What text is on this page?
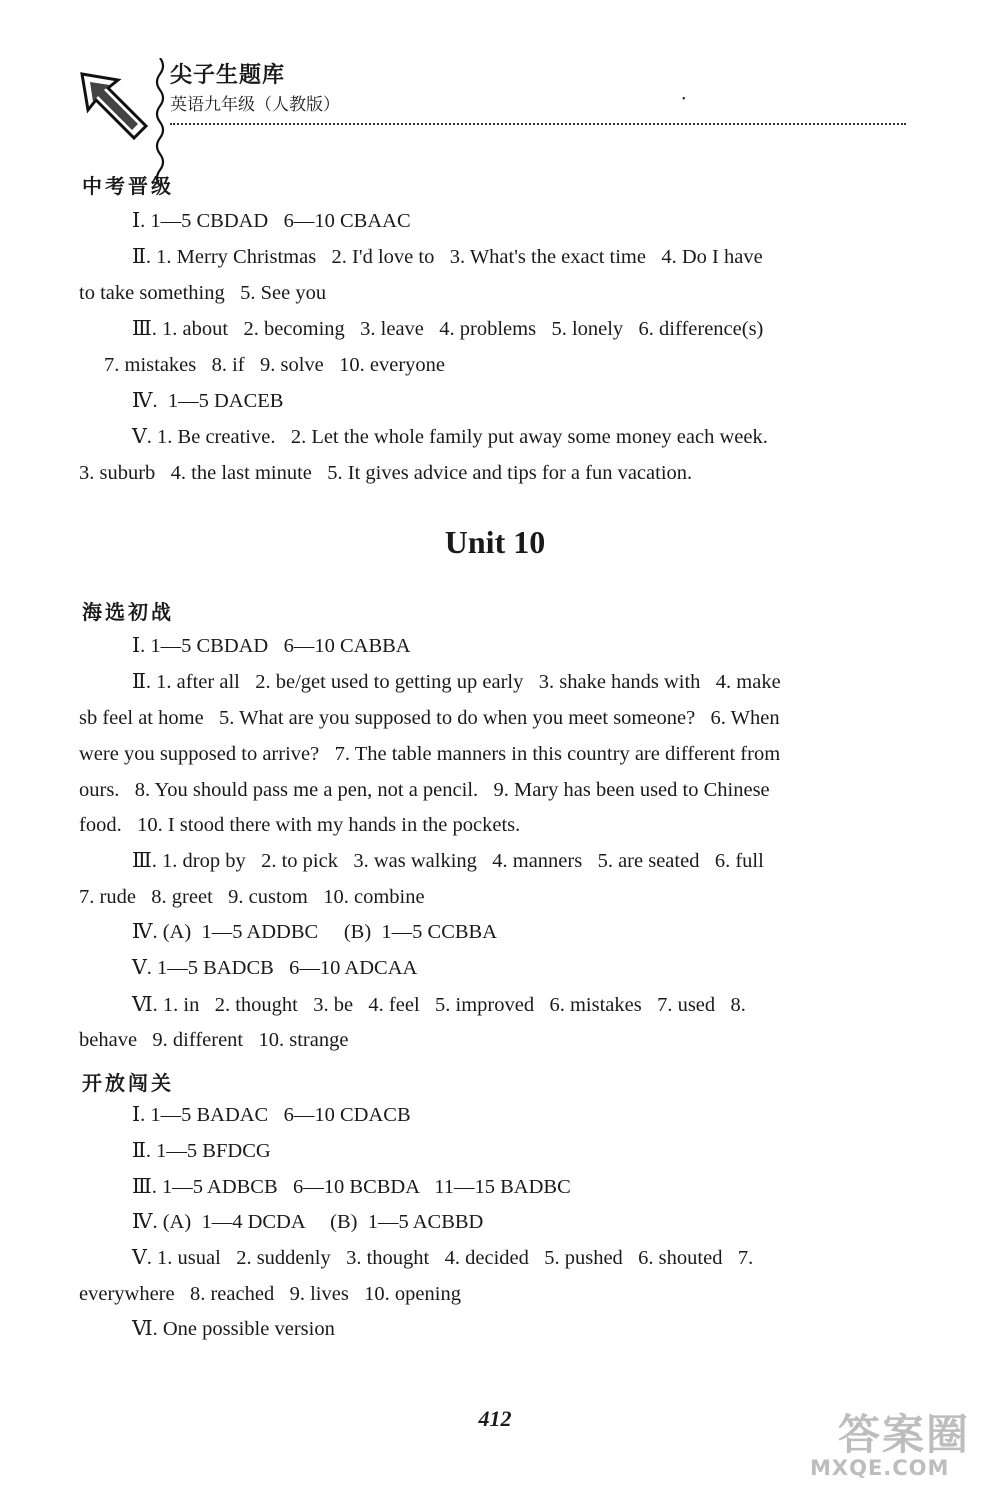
尖子生题库
英语九年级（人教版）	•
中考晋级
Ⅰ. 1—5 CBDAD   6—10 CBAAC
Ⅱ. 1. Merry Christmas   2. I'd love to   3. What's the exact time   4. Do I have
to take something   5. See you
Ⅲ. 1. about   2. becoming   3. leave   4. problems   5. lonely   6. difference(s)
7. mistakes   8. if   9. solve   10. everyone
Ⅳ.  1—5 DACEB
Ⅴ. 1. Be creative.   2. Let the whole family put away some money each week.
3. suburb   4. the last minute   5. It gives advice and tips for a fun vacation.
Unit 10
海选初战
Ⅰ. 1—5 CBDAD   6—10 CABBA
Ⅱ. 1. after all   2. be/get used to getting up early   3. shake hands with   4. make
sb feel at home   5. What are you supposed to do when you meet someone?   6. When
were you supposed to arrive?   7. The table manners in this country are different from
ours.   8. You should pass me a pen, not a pencil.   9. Mary has been used to Chinese
food.   10. I stood there with my hands in the pockets.
Ⅲ. 1. drop by   2. to pick   3. was walking   4. manners   5. are seated   6. full
7. rude   8. greet   9. custom   10. combine
Ⅳ. (A)  1—5 ADDBC     (B)  1—5 CCBBA
Ⅴ. 1—5 BADCB   6—10 ADCAA
Ⅵ. 1. in   2. thought   3. be   4. feel   5. improved   6. mistakes   7. used   8.
behave   9. different   10. strange
开放闯关
Ⅰ. 1—5 BADAC   6—10 CDACB
Ⅱ. 1—5 BFDCG
Ⅲ. 1—5 ADBCB   6—10 BCBDA   11—15 BADBC
Ⅳ. (A)  1—4 DCDA     (B)  1—5 ACBBD
Ⅴ. 1. usual   2. suddenly   3. thought   4. decided   5. pushed   6. shouted   7.
everywhere   8. reached   9. lives   10. opening
Ⅵ. One possible version
412	答案圈
MXQE.COM
